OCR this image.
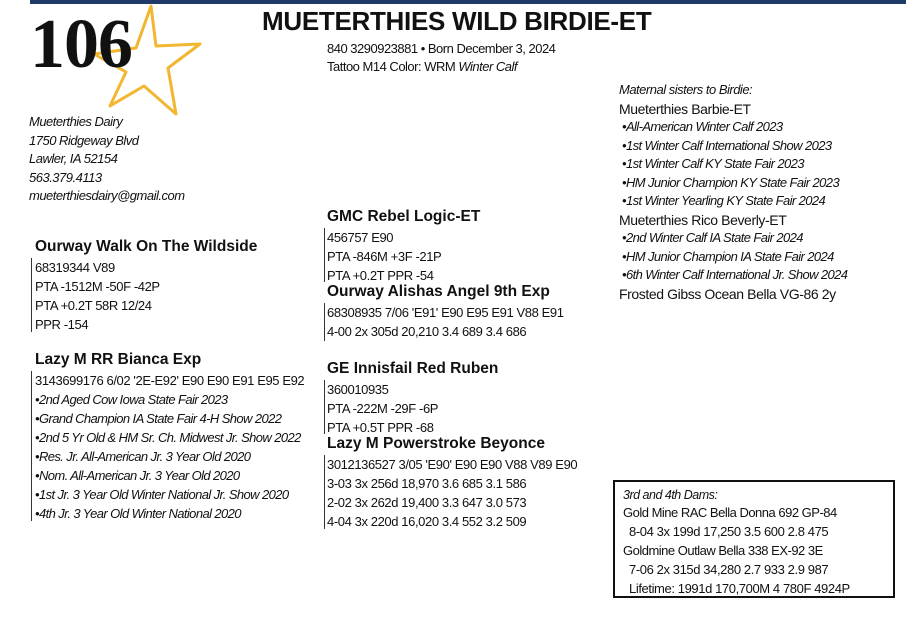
106	MUETERTHIES WILD BIRDIE-ET
840 3290923881 • Born December 3, 2024
Tattoo M14 Color: WRM Winter Calf
Mueterthies Dairy
1750 Ridgeway Blvd
Lawler, IA 52154
563.379.4113
mueterthiesdairy@gmail.com
Ourway Walk On The Wildside
68319344 V89
PTA -1512M -50F -42P
PTA +0.2T 58R 12/24
PPR -154
Lazy M RR Bianca Exp
3143699176 6/02 '2E-E92' E90 E90 E91 E95 E92
•2nd Aged Cow Iowa State Fair 2023
•Grand Champion IA State Fair 4-H Show 2022
•2nd 5 Yr Old & HM Sr. Ch. Midwest Jr. Show 2022
•Res. Jr. All-American Jr. 3 Year Old 2020
•Nom. All-American Jr. 3 Year Old 2020
•1st Jr. 3 Year Old Winter National Jr. Show 2020
•4th Jr. 3 Year Old Winter National 2020
GMC Rebel Logic-ET
456757 E90
PTA -846M +3F -21P
PTA +0.2T PPR -54
Ourway Alishas Angel 9th Exp
68308935 7/06 'E91' E90 E95 E91 V88 E91
4-00 2x 305d 20,210 3.4 689 3.4 686
GE Innisfail Red Ruben
360010935
PTA -222M -29F -6P
PTA +0.5T PPR -68
Lazy M Powerstroke Beyonce
3012136527 3/05 'E90' E90 E90 V88 V89 E90
3-03 3x 256d 18,970 3.6 685 3.1 586
2-02 3x 262d 19,400 3.3 647 3.0 573
4-04 3x 220d 16,020 3.4 552 3.2 509
Maternal sisters to Birdie:
Mueterthies Barbie-ET
•All-American Winter Calf 2023
•1st Winter Calf International Show 2023
•1st Winter Calf KY State Fair 2023
•HM Junior Champion KY State Fair 2023
•1st Winter Yearling KY State Fair 2024
Mueterthies Rico Beverly-ET
•2nd Winter Calf IA State Fair 2024
•HM Junior Champion IA State Fair 2024
•6th Winter Calf International Jr. Show 2024
Frosted Gibss Ocean Bella VG-86 2y
3rd and 4th Dams:
Gold Mine RAC Bella Donna 692 GP-84
8-04 3x 199d 17,250 3.5 600 2.8 475
Goldmine Outlaw Bella 338 EX-92 3E
7-06 2x 315d 34,280 2.7 933 2.9 987
Lifetime: 1991d 170,700M 4 780F 4924P
